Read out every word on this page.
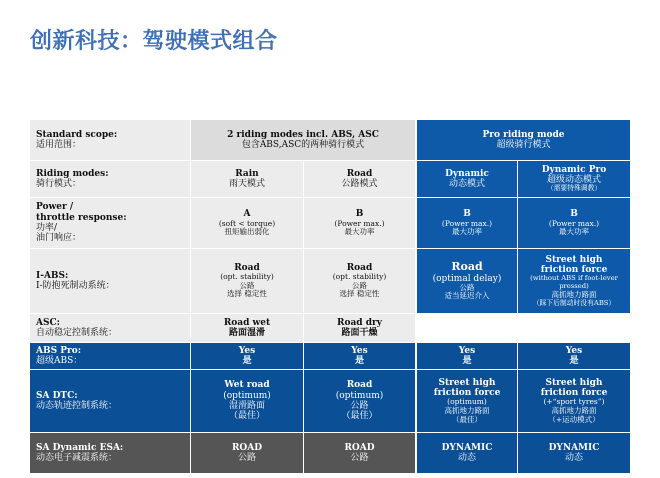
创新科技：驾驶模式组合
Standard scope:
适用范围：
2 riding modes incl. ABS, ASC
包含ABS,ASC的两种骑行模式
Pro riding mode
超级骑行模式
Riding modes:
骑行模式：
Rain
雨天模式
Road
公路模式
Dynamic
动态模式
Dynamic Pro
超级动态模式
（需要特殊调教）
Power /
throttle response:
功率/
油门响应：
A
(soft < torque)
扭矩输出弱化
B
(Power max.)
最大功率
B
(Power max.)
最大功率
B
(Power max.)
最大功率
I-ABS:
I-防抱死制动系统：
Road
(opt. stability)
公路
选择 稳定性
Road
(opt. stability)
公路
选择 稳定性
Road
(optimal delay)
公路
适当延迟介入
Street high
friction force
(without ABS if foot-lever
pressed)
高抓地力路面
（踩下后制动时没有ABS）
ASC:
自动稳定控制系统：
Road wet
路面湿滑
Road dry
路面干燥
ABS Pro:
超级ABS：
Yes
是
Yes
是
Yes
是
Yes
是
SA DTC:
动态轨迹控制系统：
Wet road
(optimum)
湿滑路面
（最佳）
Road
(optimum)
公路
（最佳）
Street high
friction force
(optimum)
高抓地力路面
（最佳）
Street high
friction force
(+“sport tyres”)
高抓地力路面
（+运动模式）
SA Dynamic ESA:
动态电子减震系统：
ROAD
公路
ROAD
公路
DYNAMIC
动态
DYNAMIC
动态
